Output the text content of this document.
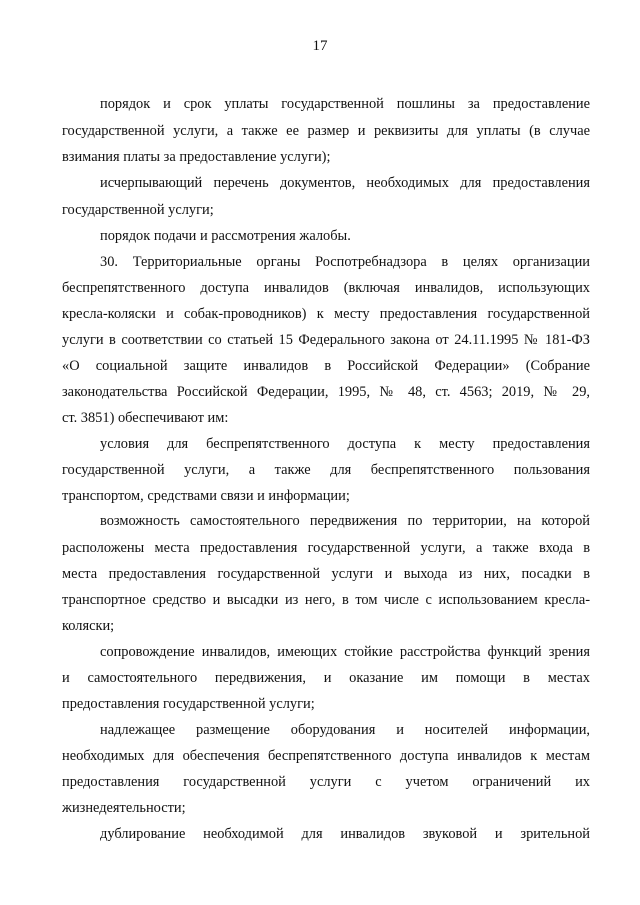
17
порядок и срок уплаты государственной пошлины за предоставление
государственной услуги, а также ее размер и реквизиты для уплаты (в случае
взимания платы за предоставление услуги);
исчерпывающий перечень документов, необходимых для предоставления
государственной услуги;
порядок подачи и рассмотрения жалобы.
30. Территориальные органы Роспотребнадзора в целях организации
беспрепятственного доступа инвалидов (включая инвалидов, использующих
кресла-коляски и собак-проводников) к месту предоставления государственной
услуги в соответствии со статьей 15 Федерального закона от 24.11.1995 № 181-ФЗ
«О социальной защите инвалидов в Российской Федерации» (Собрание
законодательства Российской Федерации, 1995, № 48, ст. 4563; 2019, № 29,
ст. 3851) обеспечивают им:
условия для беспрепятственного доступа к месту предоставления
государственной услуги, а также для беспрепятственного пользования
транспортом, средствами связи и информации;
возможность самостоятельного передвижения по территории, на которой
расположены места предоставления государственной услуги, а также входа в
места предоставления государственной услуги и выхода из них, посадки в
транспортное средство и высадки из него, в том числе с использованием кресла-
коляски;
сопровождение инвалидов, имеющих стойкие расстройства функций зрения
и самостоятельного передвижения, и оказание им помощи в местах
предоставления государственной услуги;
надлежащее размещение оборудования и носителей информации,
необходимых для обеспечения беспрепятственного доступа инвалидов к местам
предоставления государственной услуги с учетом ограничений их
жизнедеятельности;
дублирование необходимой для инвалидов звуковой и зрительной
